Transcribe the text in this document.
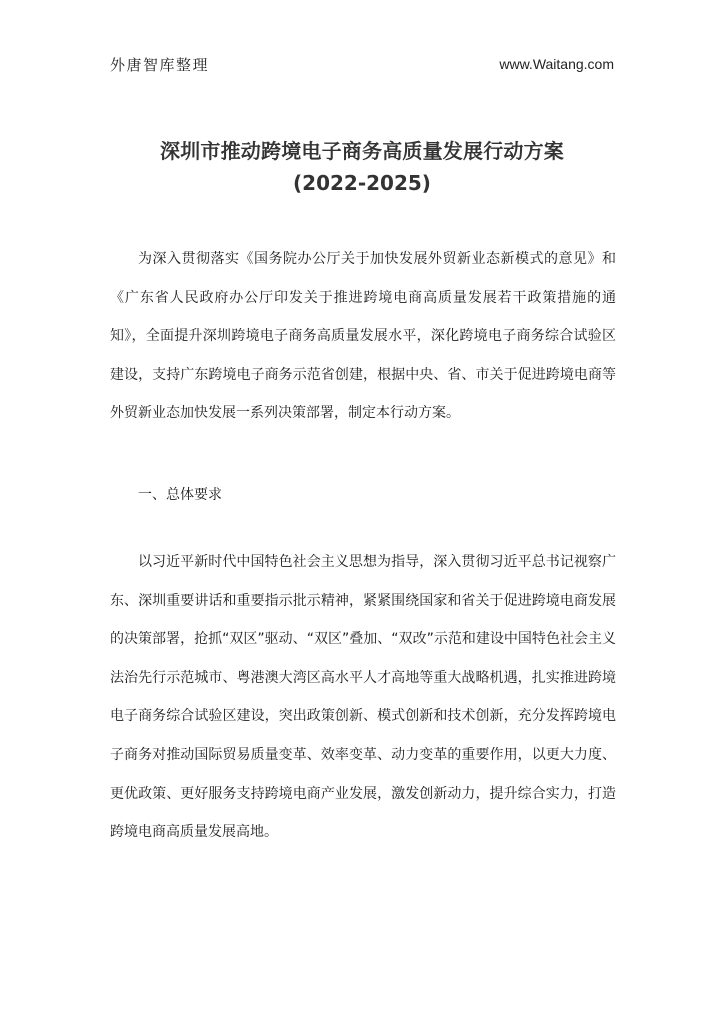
外唐智库整理	www.Waitang.com
深圳市推动跨境电子商务高质量发展行动方案
(2022-2025)

为深入贯彻落实《国务院办公厅关于加快发展外贸新业态新模式的意见》和《广东省人民政府办公厅印发关于推进跨境电商高质量发展若干政策措施的通知》，全面提升深圳跨境电子商务高质量发展水平，深化跨境电子商务综合试验区建设，支持广东跨境电子商务示范省创建，根据中央、省、市关于促进跨境电商等外贸新业态加快发展一系列决策部署，制定本行动方案。

一、总体要求

以习近平新时代中国特色社会主义思想为指导，深入贯彻习近平总书记视察广东、深圳重要讲话和重要指示批示精神，紧紧围绕国家和省关于促进跨境电商发展的决策部署，抢抓“双区”驱动、“双区”叠加、“双改”示范和建设中国特色社会主义法治先行示范城市、粤港澳大湾区高水平人才高地等重大战略机遇，扎实推进跨境电子商务综合试验区建设，突出政策创新、模式创新和技术创新，充分发挥跨境电子商务对推动国际贸易质量变革、效率变革、动力变革的重要作用，以更大力度、更优政策、更好服务支持跨境电商产业发展，激发创新动力，提升综合实力，打造跨境电商高质量发展高地。
